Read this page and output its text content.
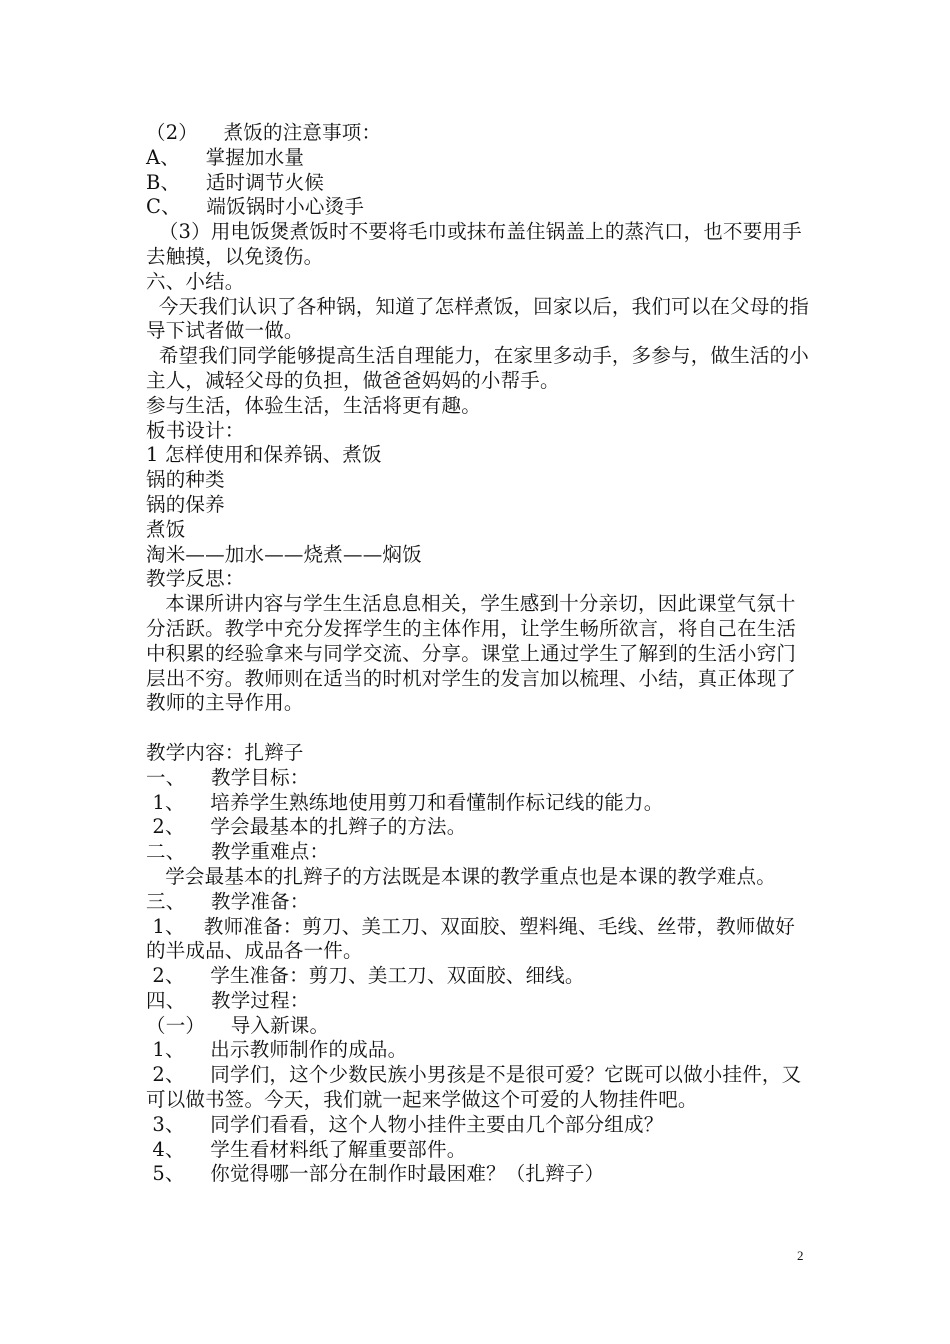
（2）    煮饭的注意事项：
A、    掌握加水量
B、    适时调节火候
C、    端饭锅时小心烫手
（3）用电饭煲煮饭时不要将毛巾或抹布盖住锅盖上的蒸汽口，也不要用手去触摸，以免烫伤。
六、小结。
今天我们认识了各种锅，知道了怎样煮饭，回家以后，我们可以在父母的指导下试者做一做。
希望我们同学能够提高生活自理能力，在家里多动手，多参与，做生活的小主人，减轻父母的负担，做爸爸妈妈的小帮手。
参与生活，体验生活，生活将更有趣。
板书设计：
1 怎样使用和保养锅、煮饭
锅的种类
锅的保养
煮饭
淘米——加水——烧煮——焖饭
教学反思：
本课所讲内容与学生生活息息相关，学生感到十分亲切，因此课堂气氛十分活跃。教学中充分发挥学生的主体作用，让学生畅所欲言，将自己在生活中积累的经验拿来与同学交流、分享。课堂上通过学生了解到的生活小窍门层出不穷。教师则在适当的时机对学生的发言加以梳理、小结，真正体现了教师的主导作用。
教学内容：扎辫子
一、    教学目标：
1、    培养学生熟练地使用剪刀和看懂制作标记线的能力。
2、    学会最基本的扎辫子的方法。
二、    教学重难点：
学会最基本的扎辫子的方法既是本课的教学重点也是本课的教学难点。
三、    教学准备：
1、   教师准备：剪刀、美工刀、双面胶、塑料绳、毛线、丝带，教师做好的半成品、成品各一件。
2、    学生准备：剪刀、美工刀、双面胶、细线。
四、    教学过程：
（一）    导入新课。
1、    出示教师制作的成品。
2、    同学们，这个少数民族小男孩是不是很可爱？它既可以做小挂件，又可以做书签。今天，我们就一起来学做这个可爱的人物挂件吧。
3、    同学们看看，这个人物小挂件主要由几个部分组成？
4、    学生看材料纸了解重要部件。
5、    你觉得哪一部分在制作时最困难？（扎辫子）
2
